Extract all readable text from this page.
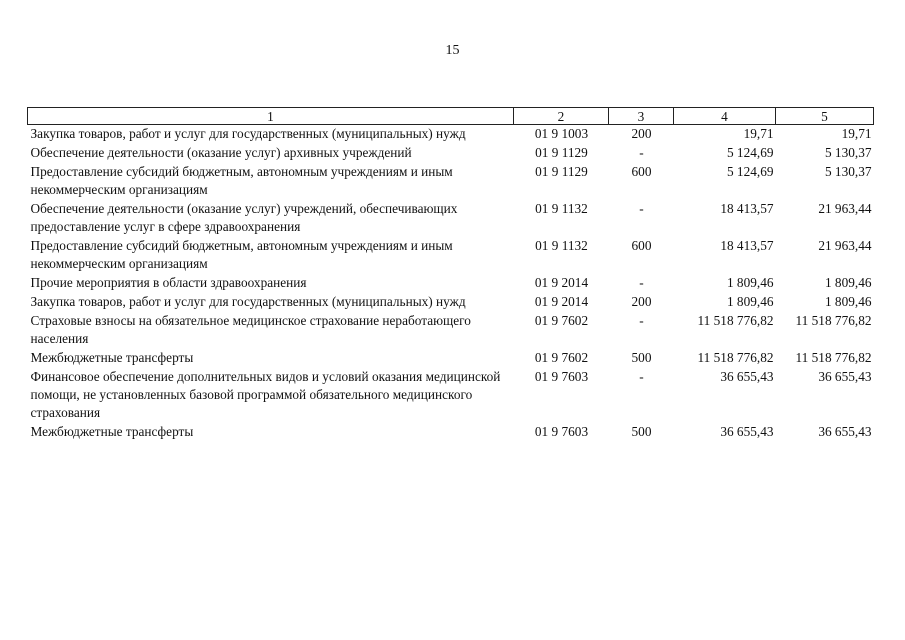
15
1	2	3	4	5
Закупка товаров, работ и услуг для государственных (муниципальных) нужд	01 9 1003	200	19,71	19,71
Обеспечение деятельности (оказание услуг) архивных учреждений	01 9 1129	-	5 124,69	5 130,37
Предоставление субсидий бюджетным, автономным учреждениям и иным некоммерческим организациям	01 9 1129	600	5 124,69	5 130,37
Обеспечение деятельности (оказание услуг) учреждений, обеспечивающих предоставление услуг в сфере здравоохранения	01 9 1132	-	18 413,57	21 963,44
Предоставление субсидий бюджетным, автономным учреждениям и иным некоммерческим организациям	01 9 1132	600	18 413,57	21 963,44
Прочие мероприятия в области здравоохранения	01 9 2014	-	1 809,46	1 809,46
Закупка товаров, работ и услуг для государственных (муниципальных) нужд	01 9 2014	200	1 809,46	1 809,46
Страховые взносы на обязательное медицинское страхование неработающего населения	01 9 7602	-	11 518 776,82	11 518 776,82
Межбюджетные трансферты	01 9 7602	500	11 518 776,82	11 518 776,82
Финансовое обеспечение дополнительных видов и условий оказания медицинской помощи, не установленных базовой программой обязательного медицинского страхования	01 9 7603	-	36 655,43	36 655,43
Межбюджетные трансферты	01 9 7603	500	36 655,43	36 655,43
